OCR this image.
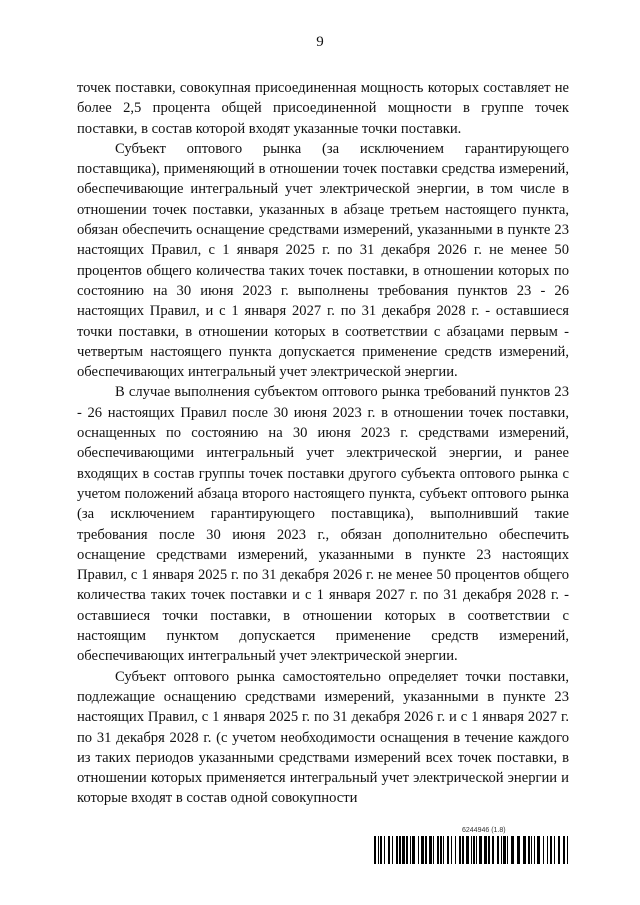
9

точек поставки, совокупная присоединенная мощность которых составляет не более 2,5 процента общей присоединенной мощности в группе точек поставки, в состав которой входят указанные точки поставки.

Субъект оптового рынка (за исключением гарантирующего поставщика), применяющий в отношении точек поставки средства измерений, обеспечивающие интегральный учет электрической энергии, в том числе в отношении точек поставки, указанных в абзаце третьем настоящего пункта, обязан обеспечить оснащение средствами измерений, указанными в пункте 23 настоящих Правил, с 1 января 2025 г. по 31 декабря 2026 г. не менее 50 процентов общего количества таких точек поставки, в отношении которых по состоянию на 30 июня 2023 г. выполнены требования пунктов 23 - 26 настоящих Правил, и с 1 января 2027 г. по 31 декабря 2028 г. - оставшиеся точки поставки, в отношении которых в соответствии с абзацами первым - четвертым настоящего пункта допускается применение средств измерений, обеспечивающих интегральный учет электрической энергии.

В случае выполнения субъектом оптового рынка требований пунктов 23 - 26 настоящих Правил после 30 июня 2023 г. в отношении точек поставки, оснащенных по состоянию на 30 июня 2023 г. средствами измерений, обеспечивающими интегральный учет электрической энергии, и ранее входящих в состав группы точек поставки другого субъекта оптового рынка с учетом положений абзаца второго настоящего пункта, субъект оптового рынка (за исключением гарантирующего поставщика), выполнивший такие требования после 30 июня 2023 г., обязан дополнительно обеспечить оснащение средствами измерений, указанными в пункте 23 настоящих Правил, с 1 января 2025 г. по 31 декабря 2026 г. не менее 50 процентов общего количества таких точек поставки и с 1 января 2027 г. по 31 декабря 2028 г. - оставшиеся точки поставки, в отношении которых в соответствии с настоящим пунктом допускается применение средств измерений, обеспечивающих интегральный учет электрической энергии.

Субъект оптового рынка самостоятельно определяет точки поставки, подлежащие оснащению средствами измерений, указанными в пункте 23 настоящих Правил, с 1 января 2025 г. по 31 декабря 2026 г. и с 1 января 2027 г. по 31 декабря 2028 г. (с учетом необходимости оснащения в течение каждого из таких периодов указанными средствами измерений всех точек поставки, в отношении которых применяется интегральный учет электрической энергии и которые входят в состав одной совокупности

6244946 (1.8)
